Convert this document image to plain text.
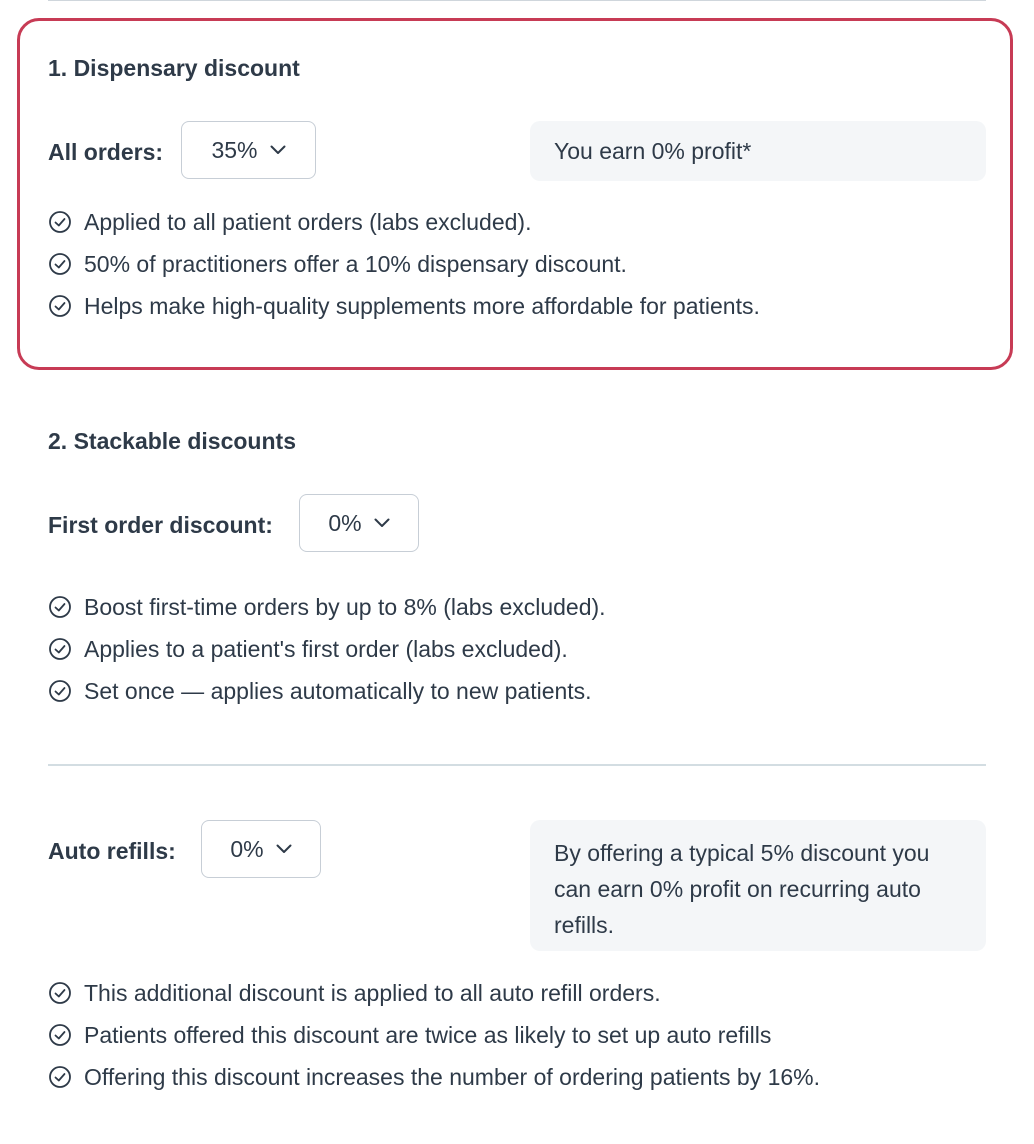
1. Dispensary discount
All orders: 35%	You earn 0% profit*
Applied to all patient orders (labs excluded).
50% of practitioners offer a 10% dispensary discount.
Helps make high-quality supplements more affordable for patients.
2. Stackable discounts
First order discount: 0%
Boost first-time orders by up to 8% (labs excluded).
Applies to a patient's first order (labs excluded).
Set once — applies automatically to new patients.
Auto refills: 0%	By offering a typical 5% discount you can earn 0% profit on recurring auto refills.
This additional discount is applied to all auto refill orders.
Patients offered this discount are twice as likely to set up auto refills
Offering this discount increases the number of ordering patients by 16%.
